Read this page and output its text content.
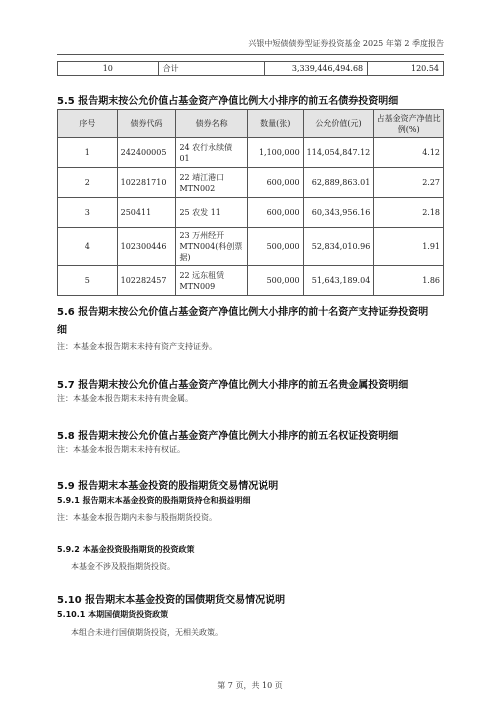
兴银中短债债券型证券投资基金 2025 年第 2 季度报告
10	合计	3,339,446,494.68	120.54
5.5 报告期末按公允价值占基金资产净值比例大小排序的前五名债券投资明细
序号	债券代码	债券名称	数量(张)	公允价值(元)	占基金资产净值比例(%)
1	242400005	24 农行永续债 01	1,100,000	114,054,847.12	4.12
2	102281710	22 靖江港口 MTN002	600,000	62,889,863.01	2.27
3	250411	25 农发 11	600,000	60,343,956.16	2.18
4	102300446	23 万州经开 MTN004(科创票据)	500,000	52,834,010.96	1.91
5	102282457	22 远东租赁 MTN009	500,000	51,643,189.04	1.86
5.6 报告期末按公允价值占基金资产净值比例大小排序的前十名资产支持证券投资明
细
注：本基金本报告期末未持有资产支持证券。
5.7 报告期末按公允价值占基金资产净值比例大小排序的前五名贵金属投资明细
注：本基金本报告期末未持有贵金属。
5.8 报告期末按公允价值占基金资产净值比例大小排序的前五名权证投资明细
注：本基金本报告期末未持有权证。
5.9 报告期末本基金投资的股指期货交易情况说明
5.9.1 报告期末本基金投资的股指期货持仓和损益明细
注：本基金本报告期内未参与股指期货投资。
5.9.2 本基金投资股指期货的投资政策
本基金不涉及股指期货投资。
5.10 报告期末本基金投资的国债期货交易情况说明
5.10.1 本期国债期货投资政策
本组合未进行国债期货投资，无相关政策。
第 7 页，共 10 页
